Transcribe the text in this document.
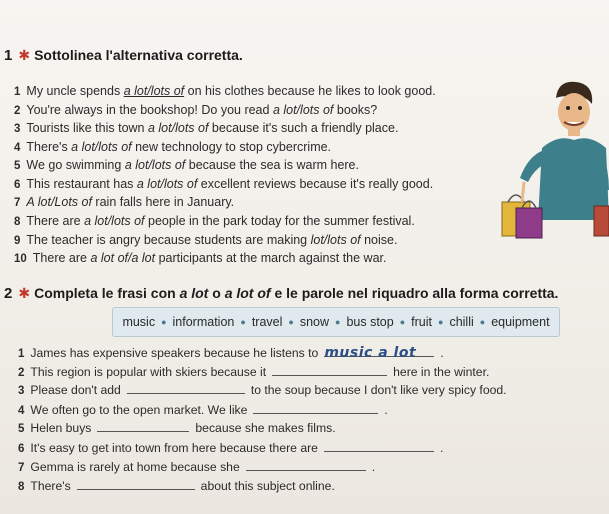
1 ✱ Sottolinea l'alternativa corretta.
1 My uncle spends a lot/lots of on his clothes because he likes to look good.
2 You're always in the bookshop! Do you read a lot/lots of books?
3 Tourists like this town a lot/lots of because it's such a friendly place.
4 There's a lot/lots of new technology to stop cybercrime.
5 We go swimming a lot/lots of because the sea is warm here.
6 This restaurant has a lot/lots of excellent reviews because it's really good.
7 A lot/Lots of rain falls here in January.
8 There are a lot/lots of people in the park today for the summer festival.
9 The teacher is angry because students are making lot/lots of noise.
10 There are a lot of/a lot participants at the march against the war.
2 ✱ Completa le frasi con a lot o a lot of e le parole nel riquadro alla forma corretta.
music ● information ● travel ● snow ● bus stop ● fruit ● chilli ● equipment
1 James has expensive speakers because he listens to music a lot .
2 This region is popular with skiers because it	here in the winter.
3 Please don't add	to the soup because I don't like very spicy food.
4 We often go to the open market. We like	.
5 Helen buys	because she makes films.
6 It's easy to get into town from here because there are	.
7 Gemma is rarely at home because she	.
8 There's	about this subject online.
